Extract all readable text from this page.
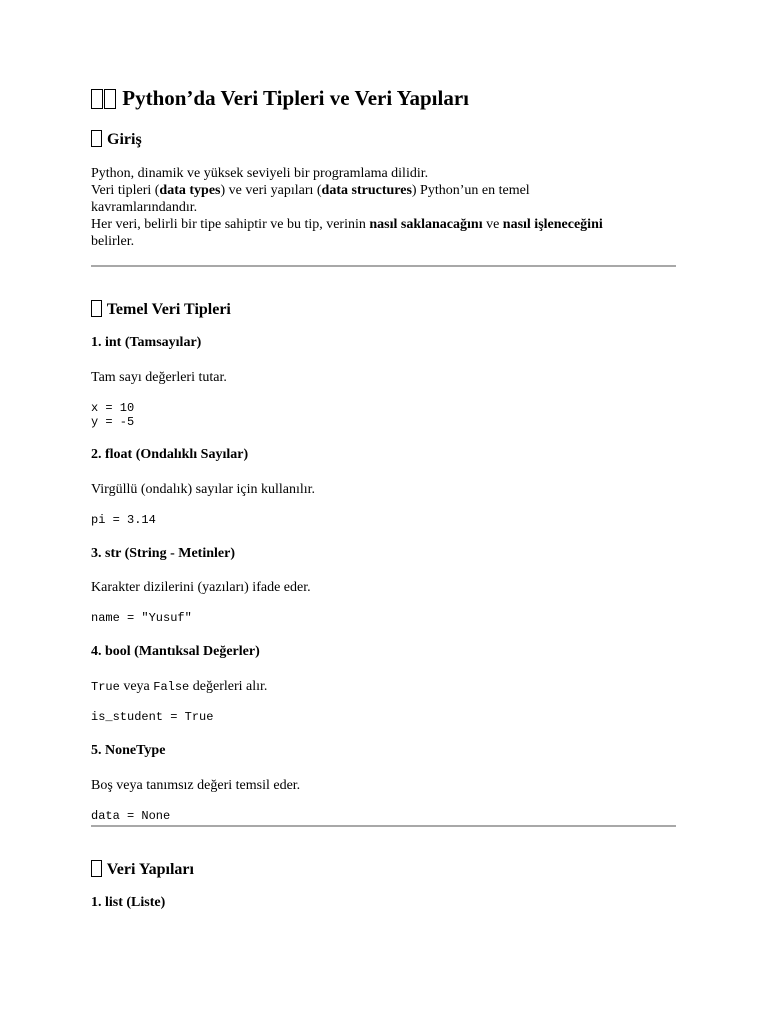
Python’da Veri Tipleri ve Veri Yapıları
Giriş
Python, dinamik ve yüksek seviyeli bir programlama dilidir.
Veri tipleri (data types) ve veri yapıları (data structures) Python’un en temel
kavramlarındandır.
Her veri, belirli bir tipe sahiptir ve bu tip, verinin nasıl saklanacağını ve nasıl işleneceğini
belirler.
Temel Veri Tipleri
1. int (Tamsayılar)
Tam sayı değerleri tutar.
x = 10
y = -5
2. float (Ondalıklı Sayılar)
Virgüllü (ondalık) sayılar için kullanılır.
pi = 3.14
3. str (String - Metinler)
Karakter dizilerini (yazıları) ifade eder.
name = "Yusuf"
4. bool (Mantıksal Değerler)
True veya False değerleri alır.
is_student = True
5. NoneType
Boş veya tanımsız değeri temsil eder.
data = None
Veri Yapıları
1. list (Liste)
